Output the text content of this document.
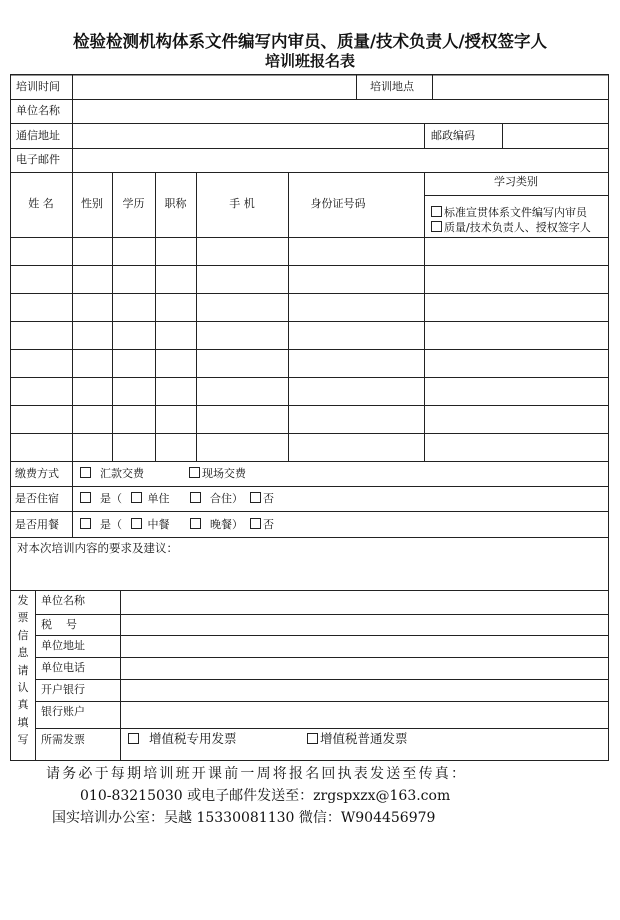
检验检测机构体系文件编写内审员、质量/技术负责人/授权签字人
培训班报名表
培训时间	培训地点
单位名称
通信地址	邮政编码
电子邮件
姓 名	性别	学历	职称	手 机	身份证号码
学习类别
标准宣贯体系文件编写内审员
质量/技术负责人、授权签字人
缴费方式	汇款交费	现场交费
是否住宿	是（	单住	合住）	否
是否用餐	是（	中餐	晚餐）	否
对本次培训内容的要求及建议：
发票信息请认真填写
单位名称
税    号
单位地址
单位电话
开户银行
银行账户
所需发票	增值税专用发票	增值税普通发票
请务必于每期培训班开课前一周将报名回执表发送至传真：
010-83215030 或电子邮件发送至：zrgspxzx@163.com
国实培训办公室：吴越 15330081130 微信：W904456979
